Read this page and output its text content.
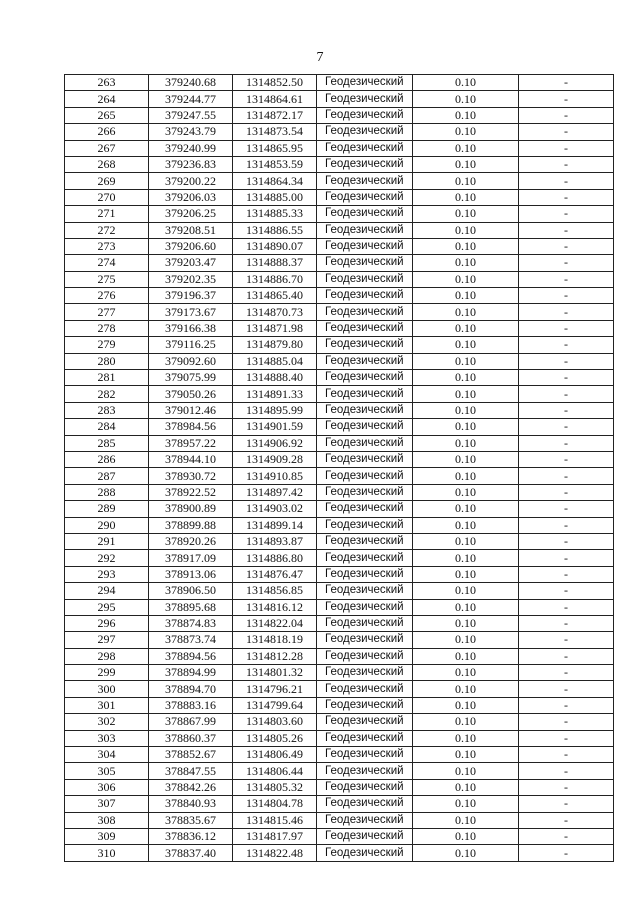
7
263	379240.68	1314852.50	Геодезический	0.10	-
264	379244.77	1314864.61	Геодезический	0.10	-
265	379247.55	1314872.17	Геодезический	0.10	-
266	379243.79	1314873.54	Геодезический	0.10	-
267	379240.99	1314865.95	Геодезический	0.10	-
268	379236.83	1314853.59	Геодезический	0.10	-
269	379200.22	1314864.34	Геодезический	0.10	-
270	379206.03	1314885.00	Геодезический	0.10	-
271	379206.25	1314885.33	Геодезический	0.10	-
272	379208.51	1314886.55	Геодезический	0.10	-
273	379206.60	1314890.07	Геодезический	0.10	-
274	379203.47	1314888.37	Геодезический	0.10	-
275	379202.35	1314886.70	Геодезический	0.10	-
276	379196.37	1314865.40	Геодезический	0.10	-
277	379173.67	1314870.73	Геодезический	0.10	-
278	379166.38	1314871.98	Геодезический	0.10	-
279	379116.25	1314879.80	Геодезический	0.10	-
280	379092.60	1314885.04	Геодезический	0.10	-
281	379075.99	1314888.40	Геодезический	0.10	-
282	379050.26	1314891.33	Геодезический	0.10	-
283	379012.46	1314895.99	Геодезический	0.10	-
284	378984.56	1314901.59	Геодезический	0.10	-
285	378957.22	1314906.92	Геодезический	0.10	-
286	378944.10	1314909.28	Геодезический	0.10	-
287	378930.72	1314910.85	Геодезический	0.10	-
288	378922.52	1314897.42	Геодезический	0.10	-
289	378900.89	1314903.02	Геодезический	0.10	-
290	378899.88	1314899.14	Геодезический	0.10	-
291	378920.26	1314893.87	Геодезический	0.10	-
292	378917.09	1314886.80	Геодезический	0.10	-
293	378913.06	1314876.47	Геодезический	0.10	-
294	378906.50	1314856.85	Геодезический	0.10	-
295	378895.68	1314816.12	Геодезический	0.10	-
296	378874.83	1314822.04	Геодезический	0.10	-
297	378873.74	1314818.19	Геодезический	0.10	-
298	378894.56	1314812.28	Геодезический	0.10	-
299	378894.99	1314801.32	Геодезический	0.10	-
300	378894.70	1314796.21	Геодезический	0.10	-
301	378883.16	1314799.64	Геодезический	0.10	-
302	378867.99	1314803.60	Геодезический	0.10	-
303	378860.37	1314805.26	Геодезический	0.10	-
304	378852.67	1314806.49	Геодезический	0.10	-
305	378847.55	1314806.44	Геодезический	0.10	-
306	378842.26	1314805.32	Геодезический	0.10	-
307	378840.93	1314804.78	Геодезический	0.10	-
308	378835.67	1314815.46	Геодезический	0.10	-
309	378836.12	1314817.97	Геодезический	0.10	-
310	378837.40	1314822.48	Геодезический	0.10	-
